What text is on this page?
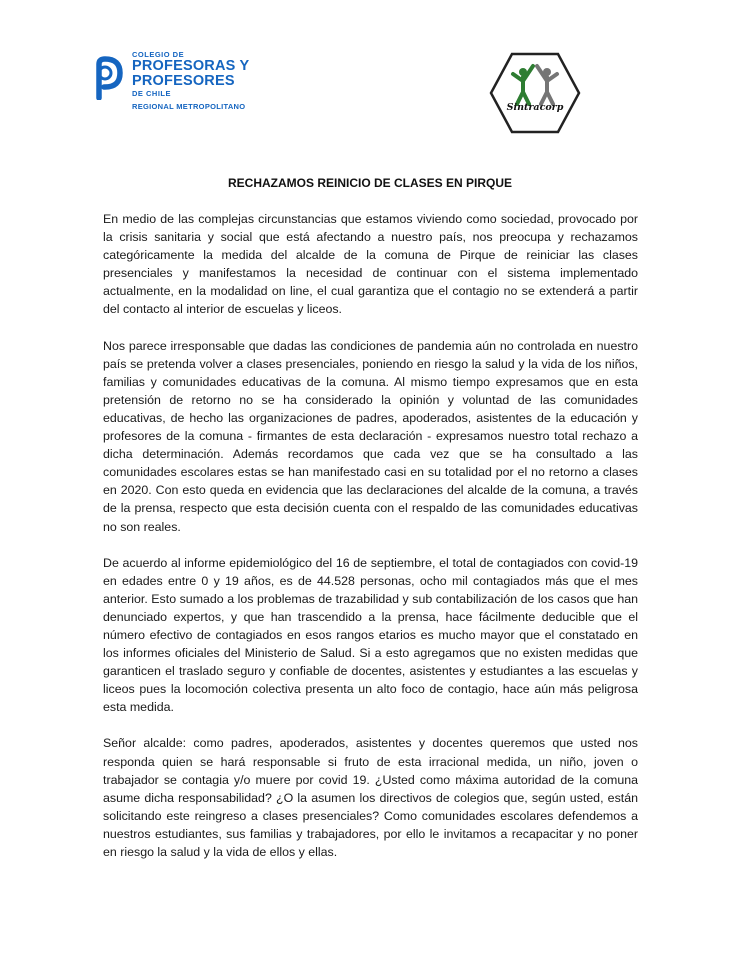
COLEGIO DE
PROFESORAS Y
PROFESORES
DE CHILE
REGIONAL METROPOLITANO	Sintracorp
RECHAZAMOS REINICIO DE CLASES EN PIRQUE

En medio de las complejas circunstancias que estamos viviendo como sociedad, provocado por la crisis sanitaria y social que está afectando a nuestro país, nos preocupa y rechazamos categóricamente la medida del alcalde de la comuna de Pirque de reiniciar las clases presenciales y manifestamos la necesidad de continuar con el sistema implementado actualmente, en la modalidad on line, el cual garantiza que el contagio no se extenderá a partir del contacto al interior de escuelas y liceos.

Nos parece irresponsable que dadas las condiciones de pandemia aún no controlada en nuestro país se pretenda volver a clases presenciales, poniendo en riesgo la salud y la vida de los niños, familias y comunidades educativas de la comuna. Al mismo tiempo expresamos que en esta pretensión de retorno no se ha considerado la opinión y voluntad de las comunidades educativas, de hecho las organizaciones de padres, apoderados, asistentes de la educación y profesores de la comuna - firmantes de esta declaración - expresamos nuestro total rechazo a dicha determinación. Además recordamos que cada vez que se ha consultado a las comunidades escolares estas se han manifestado casi en su totalidad por el no retorno a clases en 2020. Con esto queda en evidencia que las declaraciones del alcalde de la comuna, a través de la prensa, respecto que esta decisión cuenta con el respaldo de las comunidades educativas no son reales.

De acuerdo al informe epidemiológico del 16 de septiembre, el total de contagiados con covid-19 en edades entre 0 y 19 años, es de 44.528 personas, ocho mil contagiados más que el mes anterior. Esto sumado a los problemas de trazabilidad y sub contabilización de los casos que han denunciado expertos, y que han trascendido a la prensa, hace fácilmente deducible que el número efectivo de contagiados en esos rangos etarios es mucho mayor que el constatado en los informes oficiales del Ministerio de Salud. Si a esto agregamos que no existen medidas que garanticen el traslado seguro y confiable de docentes, asistentes y estudiantes a las escuelas y liceos pues la locomoción colectiva presenta un alto foco de contagio, hace aún más peligrosa esta medida.

Señor alcalde: como padres, apoderados, asistentes y docentes queremos que usted nos responda quien se hará responsable si fruto de esta irracional medida, un niño, joven o trabajador se contagia y/o muere por covid 19. ¿Usted como máxima autoridad de la comuna asume dicha responsabilidad? ¿O la asumen los directivos de colegios que, según usted, están solicitando este reingreso a clases presenciales? Como comunidades escolares defendemos a nuestros estudiantes, sus familias y trabajadores, por ello le invitamos a recapacitar y no poner en riesgo la salud y la vida de ellos y ellas.
